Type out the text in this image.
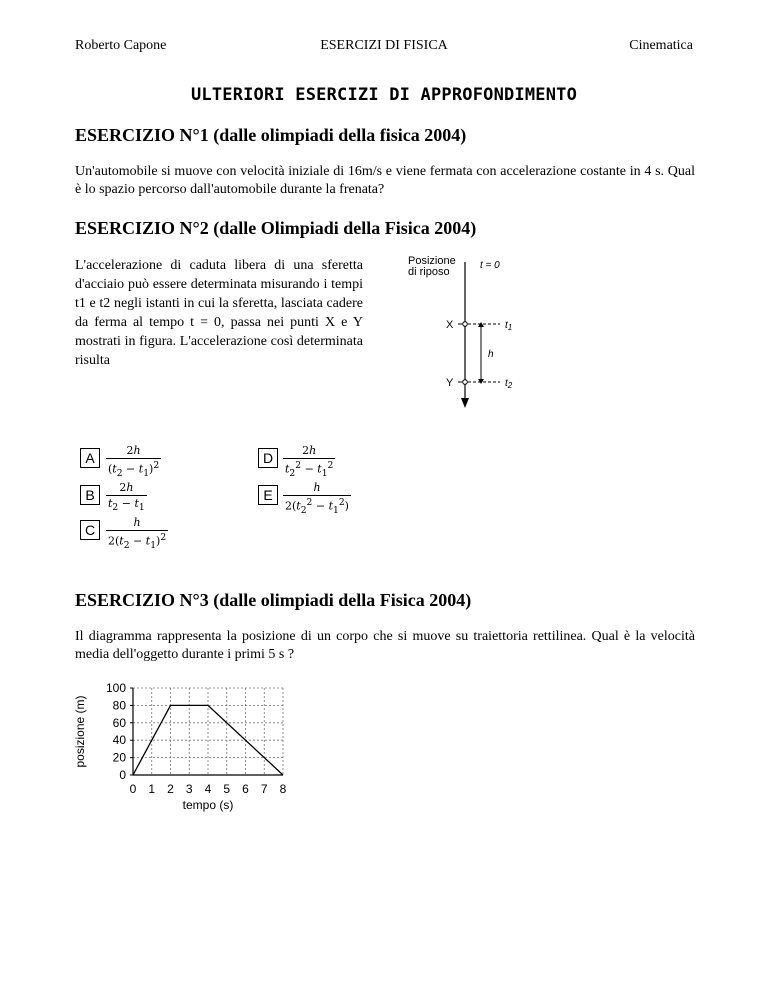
Roberto Capone	ESERCIZI DI FISICA	Cinematica
ULTERIORI ESERCIZI DI APPROFONDIMENTO
ESERCIZIO N°1 (dalle olimpiadi della fisica 2004)
Un'automobile si muove con velocità iniziale di 16m/s e viene fermata con accelerazione costante in 4 s. Qual è lo spazio percorso dall'automobile durante la frenata?
ESERCIZIO N°2 (dalle Olimpiadi della Fisica 2004)
L'accelerazione di caduta libera di una sferetta d'acciaio può essere determinata misurando i tempi t1 e t2 negli istanti in cui la sferetta, lasciata cadere da ferma al tempo t = 0, passa nei punti X e Y mostrati in figura. L'accelerazione così determinata risulta
Posizione
di riposo
t = 0
X	$t_1$
Y	$t_2$
h
A	$\frac{2h}{(t_2 - t_1)^2}$
B	$\frac{2h}{t_2 - t_1}$
C $\frac{h}{2(t_2 - t_1)^2}$
D $\frac{2h}{t_2^2 - t_1^2}$
E $\frac{h}{2(t_2^2 - t_1^2)}$
ESERCIZIO N°3 (dalle olimpiadi della Fisica 2004)
Il diagramma rappresenta la posizione di un corpo che si muove su traiettoria rettilinea. Qual è la velocità media dell'oggetto durante i primi 5 s ?
0
20
40
60
80
100
0 1 2 3 4 5 6 7 8
tempo (s)
posizione (m)
